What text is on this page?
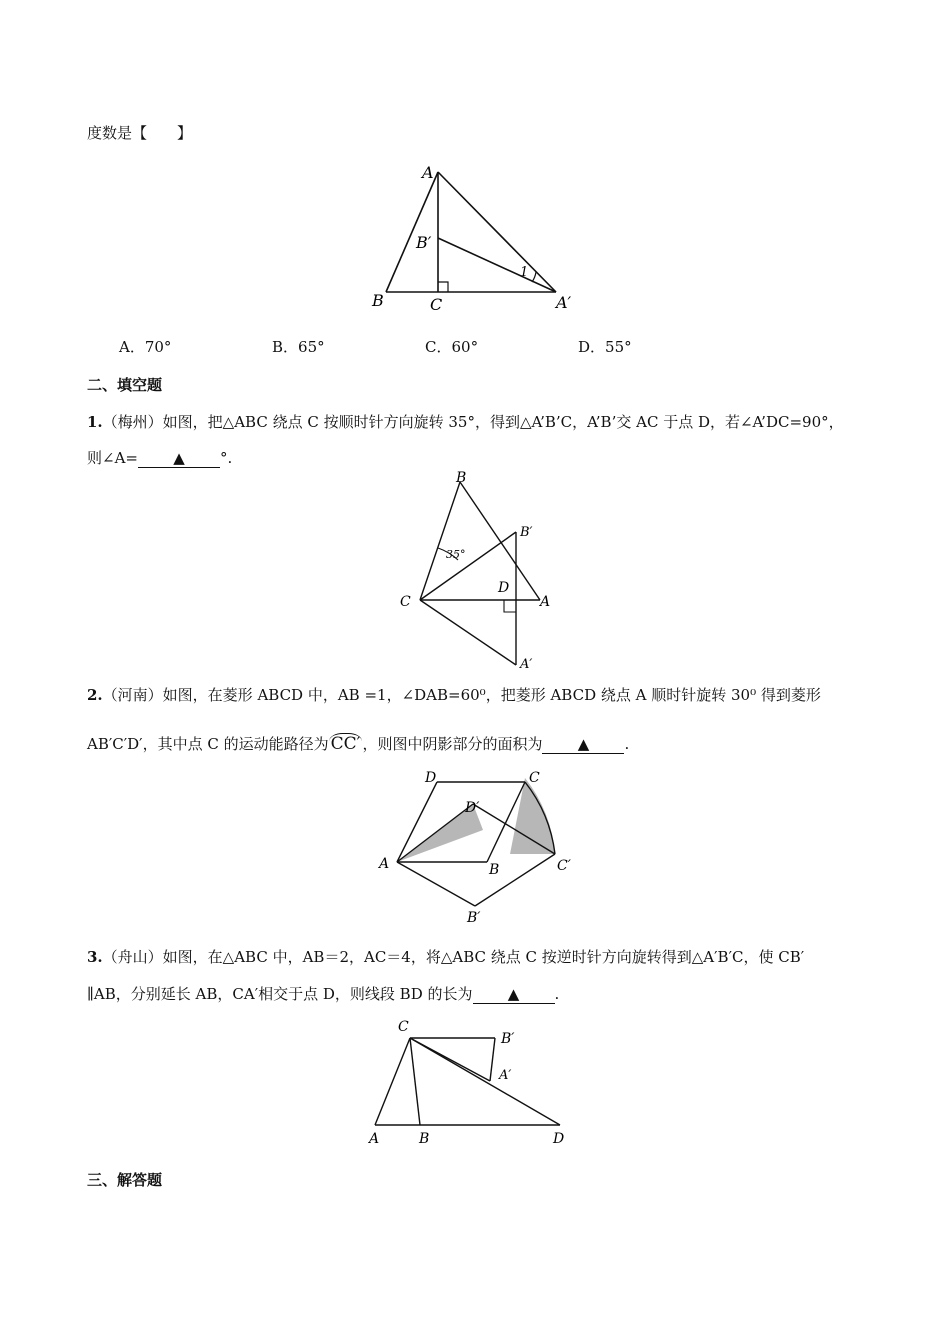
度数是【　　】
A
B	C
B′
A′
1
A．70°	B．65°	C．60°	D．55°
二、填空题
1.（梅州）如图，把△ABC 绕点 C 按顺时针方向旋转 35°，得到△A’B’C，A’B’交 AC 于点 D，若∠A’DC=90°，
则∠A= ▲ °.
B
B′
C
D
A
A′
35°
2.（河南）如图，在菱形 ABCD 中，AB =1，∠DAB=60⁰，把菱形 ABCD 绕点 A 顺时针旋转 30⁰ 得到菱形
AB′C′D′，其中点 C 的运动能路径为 CC′ ，则图中阴影部分的面积为 ▲ .
D	C
D′
A	B	C′
B′
3.（舟山）如图，在△ABC 中，AB＝2，AC＝4，将△ABC 绕点 C 按逆时针方向旋转得到△A′B′C，使 CB′
∥AB，分别延长 AB，CA′相交于点 D，则线段 BD 的长为 ▲ .
C
B′
A′
A	B	D
三、解答题
